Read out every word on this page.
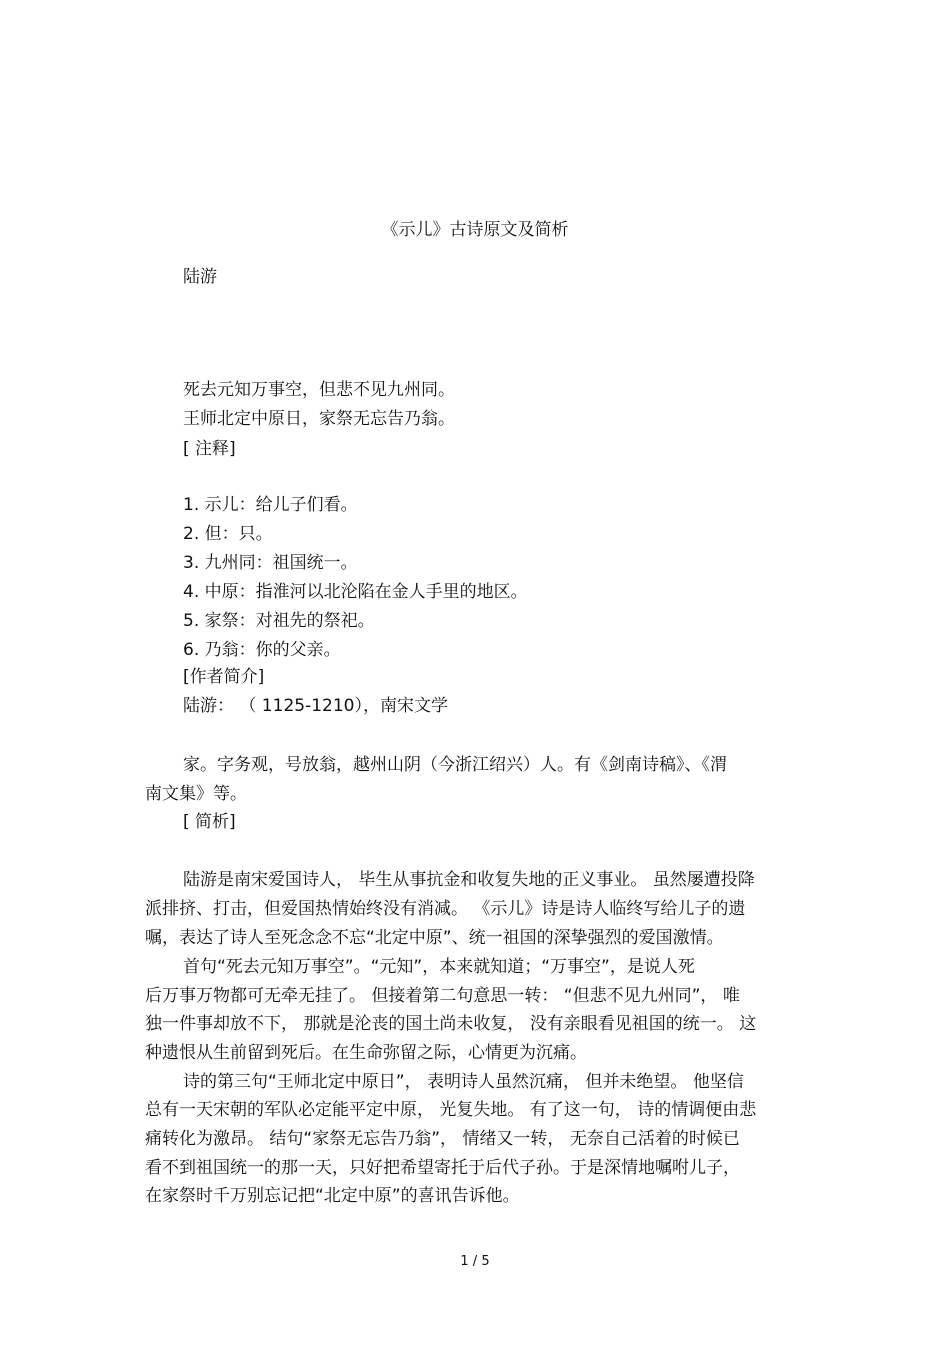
《示儿》古诗原文及简析
陆游
死去元知万事空，但悲不见九州同。
王师北定中原日，家祭无忘告乃翁。
[ 注释]
1. 示儿：给儿子们看。
2. 但：只。
3. 九州同：祖国统一。
4. 中原：指淮河以北沦陷在金人手里的地区。
5. 家祭：对祖先的祭祀。
6. 乃翁：你的父亲。
[作者简介]
陆游： （ 1125-1210），南宋文学
家。字务观，号放翁，越州山阴（今浙江绍兴）人。有《剑南诗稿》、《渭
南文集》等。
[ 简析]
陆游是南宋爱国诗人， 毕生从事抗金和收复失地的正义事业。 虽然屡遭投降
派排挤、打击，但爱国热情始终没有消减。 《示儿》诗是诗人临终写给儿子的遗
嘱，表达了诗人至死念念不忘“北定中原”、统一祖国的深挚强烈的爱国激情。
首句“死去元知万事空”。“元知”，本来就知道；“万事空”，是说人死
后万事万物都可无牵无挂了。 但接着第二句意思一转： “但悲不见九州同”， 唯
独一件事却放不下， 那就是沦丧的国土尚未收复， 没有亲眼看见祖国的统一。 这
种遗恨从生前留到死后。在生命弥留之际，心情更为沉痛。
诗的第三句“王师北定中原日”， 表明诗人虽然沉痛， 但并未绝望。 他坚信
总有一天宋朝的军队必定能平定中原， 光复失地。 有了这一句， 诗的情调便由悲
痛转化为激昂。 结句“家祭无忘告乃翁”， 情绪又一转， 无奈自己活着的时候已
看不到祖国统一的那一天，只好把希望寄托于后代子孙。于是深情地嘱咐儿子，
在家祭时千万别忘记把“北定中原”的喜讯告诉他。
1 / 5
